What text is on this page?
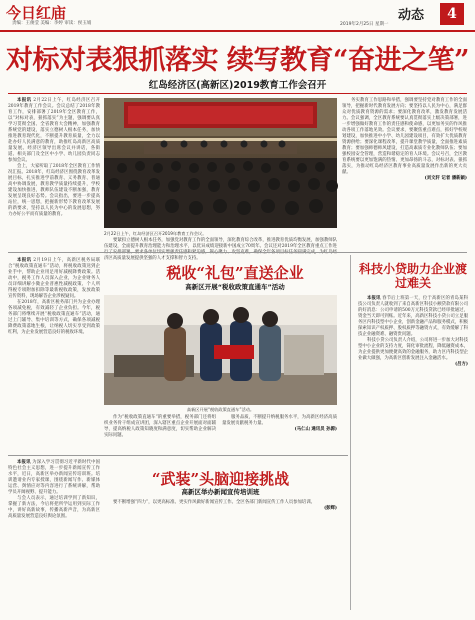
今日红庙
责编：王俊莹 美编：李婷 审读：侯玉娟
动态
2019年2月25日 星期一
4
对标对表狠抓落实 续写教育“奋进之笔”
红岛经济区(高新区)2019教育工作会召开

本报讯 2月22日上午，红岛经济区召开2019年教育工作会议。会议总结了2018年教育工作，安排部署了2019年全区教育工作，以“对标对表，狠抓落实”为主题，强调要认真学习贯彻全国、全省教育大会精神，加强教育系统党的建设，落实立德树人根本任务，加快推进教育现代化，不断提升教育质量，全力以赴办好人民满意的教育，助推红岛高新区高质量发展。经济区领导出席会议并讲话，各街道、相关部门及全区中小学、幼儿园负责同志参加会议。

会上，大家听取了2018年全区教育工作情况汇报。2018年，红岛经济区围绕教育改革发展目标，扎实推进学前教育、义务教育、普通高中协调发展，教育教学质量持续提升，学校建设加快推进，教师队伍建设不断加强，教育发展呈现良好态势。会议指出，要进一步提高站位，统一思想，把握新形势下教育改革发展的新要求，坚持以人民为中心的发展思想，努力办好公平而有质量的教育。

2月22日上午，红岛经济区召开2019年教育工作会议。

要紧扣立德树人根本任务，加强党对教育工作的全面领导，深化教育综合改革，推进教育优质均衡发展，加强教师队伍建设，全面提升教育治理能力和治理水平，以优异成绩迎接新中国成立70周年。会议还对2019年全区教育重点工作进 济区高质量发展提供坚强的人才支撑和智力支持。

务实教育工作思路和举措，强调要坚持党对教育工作的全面领导，把握新时代教育发展方向；要坚持以人民为中心，满足群众对优质教育资源的需求；要深化教育改革，激发教育发展活力。会议强调，全区教育系统要认真贯彻落实上级决策部署，进一步增强做好教育工作的责任感和使命感，以更加务实的作风推动各项工作落地见效。会议要求，要聚焦重点难点，抓好学校规划建设，加快推进中小学、幼儿园建设项目，有效扩大优质教育资源供给；要深化课程改革，提升课堂教学质量，全面推进素质教育；要加强师德师风建设，打造高素质专业化教师队伍；要加强校园安全管理，营造和谐稳定的育人环境。会议号召，全区教育系统要以更加饱满的热情、更加昂扬的斗志，对标对表、狠抓落实，为推动红岛经济区教育事业高质量发展作出新的更大贡献。

(刘文轩 记者 潘新颖)

本报讯 2月19日上午，高新区税务局联合“税收政策直通车”活动，将税收政策送到企业手中，帮助企业用足用好减税降费政策。活动中，税务工作人员深入企业，为企业财务人员详细讲解小微企业普惠性减税政策、个人所得税专项附加扣除等最新税收政策，发放政策宣传资料，现场解答企业涉税疑问。

在2018年，高新区税务部门共为企业办理各项减免税，有效减轻了企业负担。今年，税务部门将继续开展“税收政策直通车”活动，通过上门辅导、集中培训等方式，确保各项减税降费政策落地生根，让纳税人切实享受到政策红利，为企业发展营造良好的税收环境。

税收“礼包”直送企业
高新区开展“税收政策直通车”活动
高新区开展“税收政策直通车”活动。

作为“税收政策直通车”的重要举措，税务部门还将组织业务骨干组成宣讲团，深入辖区重点企业开展面对面辅导，提高纳税人政策知晓度和满意度，切实帮助企业解决实际问题。

服务品质，不断提升纳税服务水平，为高新区经济高质量发展贡献税务力量。

(马仁山 通讯员 孙源)

科技小贷助力企业渡过难关

本报讯 春节后上班第一天，位于高新区的青岛某科技公司负责人就收到了来自高新区科技小额贷款有限公司的好消息：公司申请的500万元科技贷款已经审批通过，资金当天即可到账。近年来，高新区科技小贷公司立足服务区内科技型中小企业，创新金融产品和服务模式，积极探索知识产权质押、股权质押等融资方式，有效缓解了科技企业融资难、融资贵问题。

科技小贷公司负责人介绍，公司将进一步加大对科技型中小企业的支持力度，简化审批流程，降低融资成本，为企业提供更加便捷高效的金融服务，助力区内科技型企业做大做强，为高新区创新发展注入金融活水。

(吕方)

本报讯 为深入学习贯彻习近平新时代中国特色社会主义思想，进一步提升新闻宣传工作水平，近日，高新区举办新闻宣传培训班。培训邀请业内专家授课，围绕新闻写作、新媒体运营、舆情应对等内容进行了系统讲解，帮助学员开阔视野、提升能力。

与会人员表示，通过培训学到了新知识，掌握了新方法，今后将把所学运用到实际工作中，讲好高新故事，传播高新声音，为高新区高质量发展营造良好舆论氛围。

“武装”头脑迎接挑战
高新区举办新闻宣传培训班

要不断增强“四力”，以更高标准、更实作风做好新闻宣传工作。全区各部门新闻宣传工作人员参加培训。

(彭辉)
